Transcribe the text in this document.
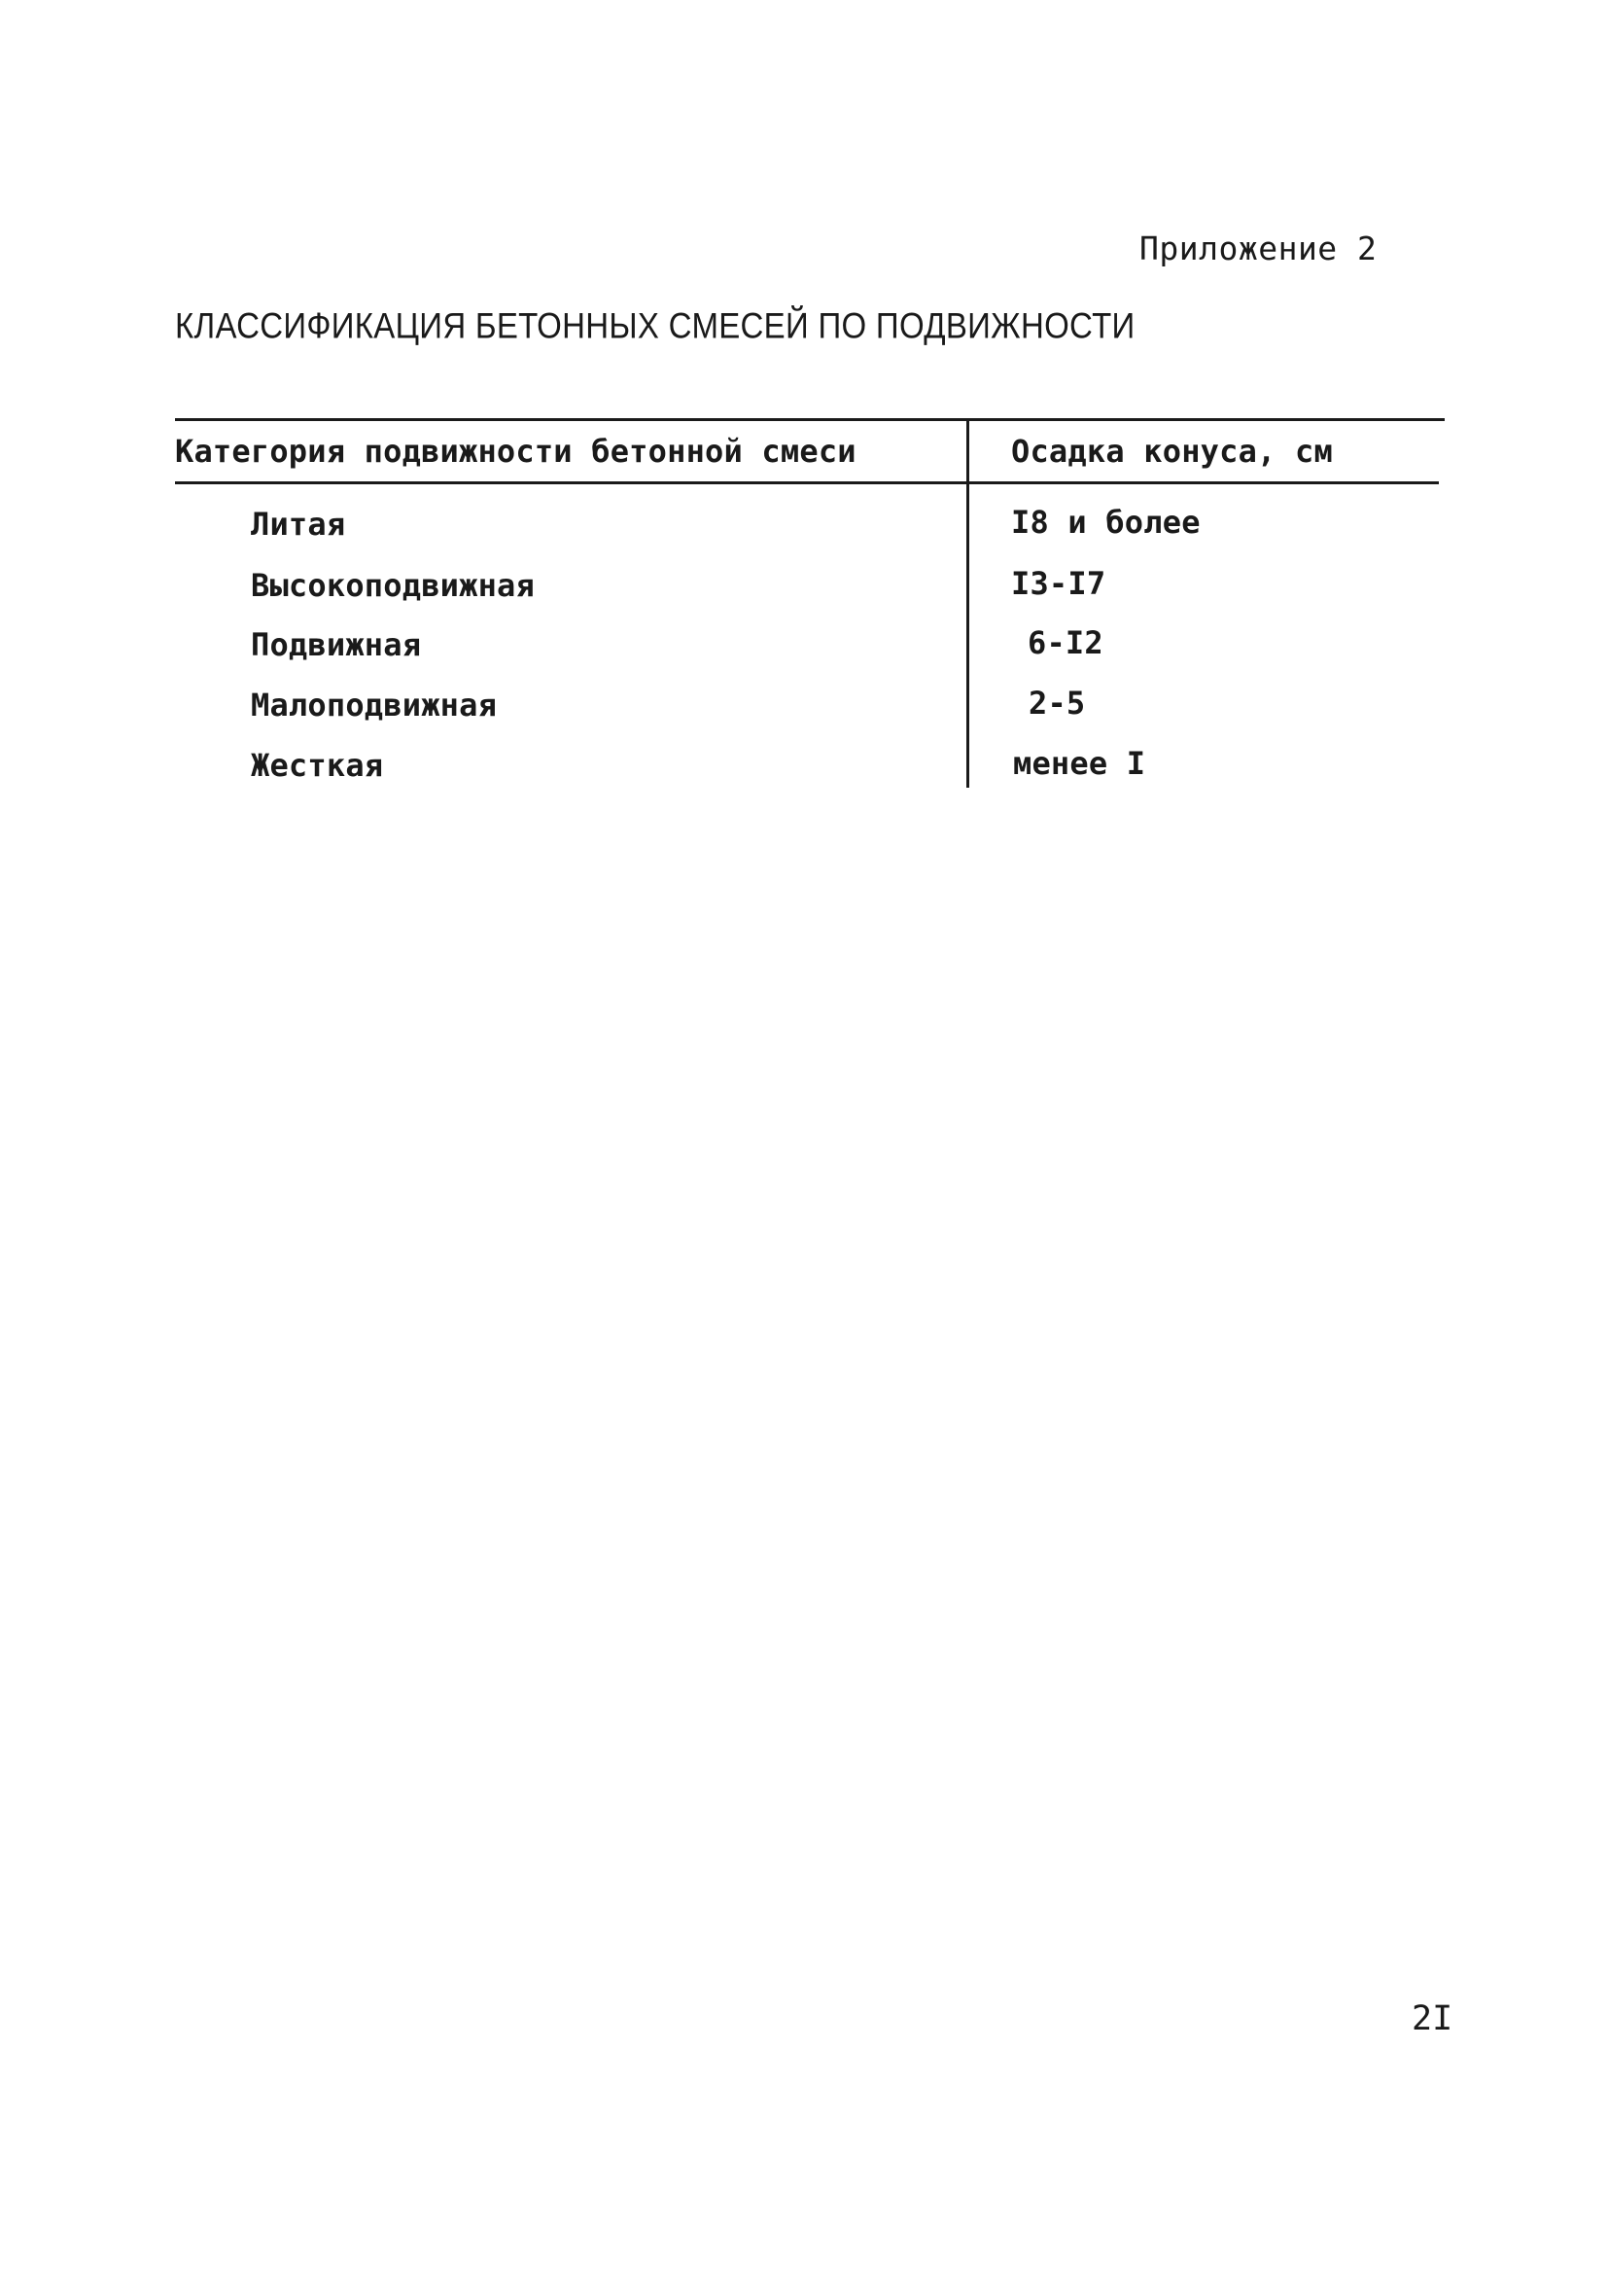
Приложение 2
КЛАССИФИКАЦИЯ БЕТОННЫХ СМЕСЕЙ ПО ПОДВИЖНОСТИ
Категория подвижности бетонной смеси	Осадка конуса, см
Литая	I8 и более
Высокоподвижная	I3-I7
Подвижная	6-I2
Малоподвижная	2-5
Жесткая	менее I
2I
